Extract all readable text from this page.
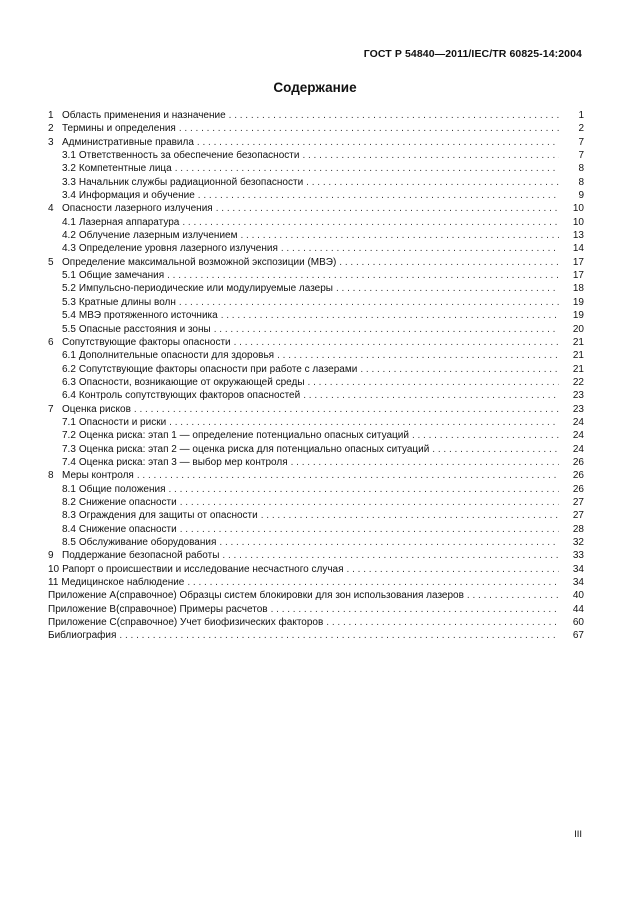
ГОСТ Р 54840—2011/IEC/TR 60825-14:2004
Содержание
1 Область применения и назначение . . .	1
2 Термины и определения . . .	2
3 Административные правила . . .	7
3.1 Ответственность за обеспечение безопасности . . .	7
3.2 Компетентные лица . . .	8
3.3 Начальник службы радиационной безопасности . . .	8
3.4 Информация и обучение . . .	9
4 Опасности лазерного излучения . . .	10
4.1 Лазерная аппаратура . . .	10
4.2 Облучение лазерным излучением . . .	13
4.3 Определение уровня лазерного излучения . . .	14
5 Определение максимальной возможной экспозиции (МВЭ) . . .	17
5.1 Общие замечания . . .	17
5.2 Импульсно-периодические или модулируемые лазеры . . .	18
5.3 Кратные длины волн . . .	19
5.4 МВЭ протяженного источника . . .	19
5.5 Опасные расстояния и зоны . . .	20
6 Сопутствующие факторы опасности . . .	21
6.1 Дополнительные опасности для здоровья . . .	21
6.2 Сопутствующие факторы опасности при работе с лазерами . . .	21
6.3 Опасности, возникающие от окружающей среды . . .	22
6.4 Контроль сопутствующих факторов опасностей . . .	23
7 Оценка рисков . . .	23
7.1 Опасности и риски . . .	24
7.2 Оценка риска: этап 1 — определение потенциально опасных ситуаций . . .	24
7.3 Оценка риска: этап 2 — оценка риска для потенциально опасных ситуаций . . .	24
7.4 Оценка риска: этап 3 — выбор мер контроля . . .	26
8 Меры контроля . . .	26
8.1 Общие положения . . .	26
8.2 Снижение опасности . . .	27
8.3 Ограждения для защиты от опасности . . .	27
8.4 Снижение опасности . . .	28
8.5 Обслуживание оборудования . . .	32
9 Поддержание безопасной работы . . .	33
10 Рапорт о происшествии и исследование несчастного случая . . .	34
11 Медицинское наблюдение . . .	34
Приложение А (справочное) Образцы систем блокировки для зон использования лазеров . . .	40
Приложение В (справочное) Примеры расчетов . . .	44
Приложение С (справочное) Учет биофизических факторов . . .	60
Библиография . . .	67
III
